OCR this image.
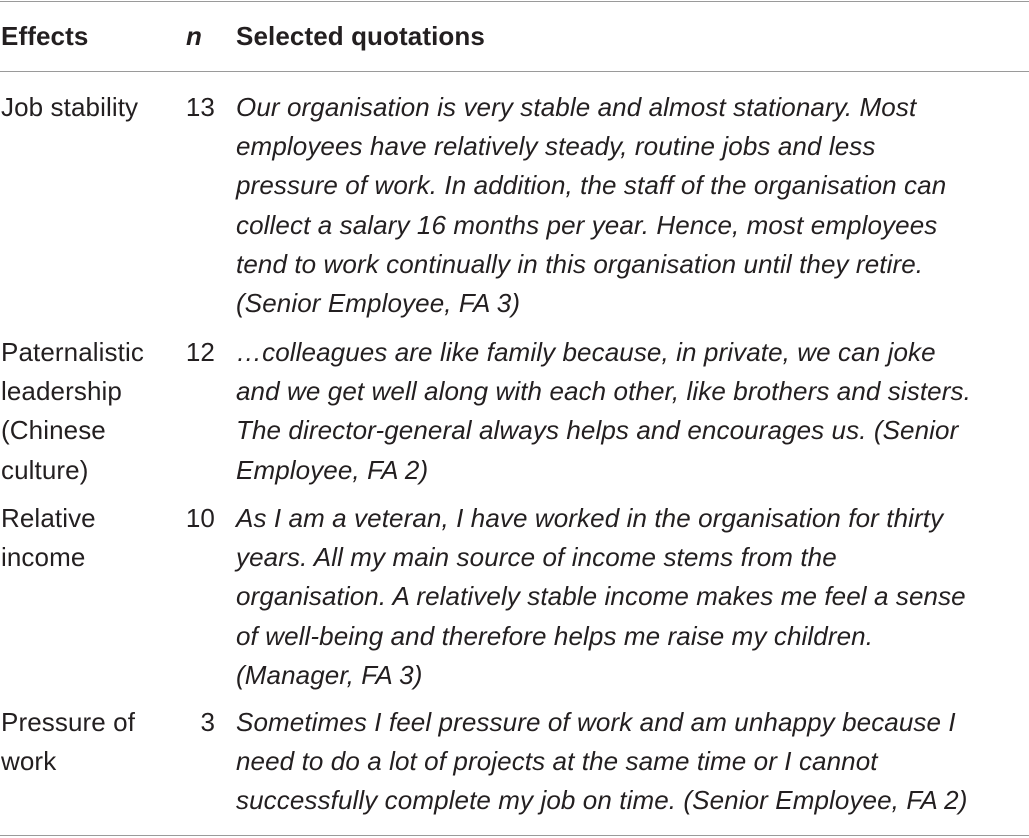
Effects	n	Selected quotations
Job stability	13 Our organisation is very stable and almost stationary. Most
employees have relatively steady, routine jobs and less
pressure of work. In addition, the staff of the organisation can
collect a salary 16 months per year. Hence, most employees
tend to work continually in this organisation until they retire.
(Senior Employee, FA 3)
Paternalistic
leadership
(Chinese
culture)
12 …colleagues are like family because, in private, we can joke
and we get well along with each other, like brothers and sisters.
The director-general always helps and encourages us. (Senior
Employee, FA 2)
Relative
income
10 As I am a veteran, I have worked in the organisation for thirty
years. All my main source of income stems from the
organisation. A relatively stable income makes me feel a sense
of well-being and therefore helps me raise my children.
(Manager, FA 3)
Pressure of
work
3 Sometimes I feel pressure of work and am unhappy because I
need to do a lot of projects at the same time or I cannot
successfully complete my job on time. (Senior Employee, FA 2)
